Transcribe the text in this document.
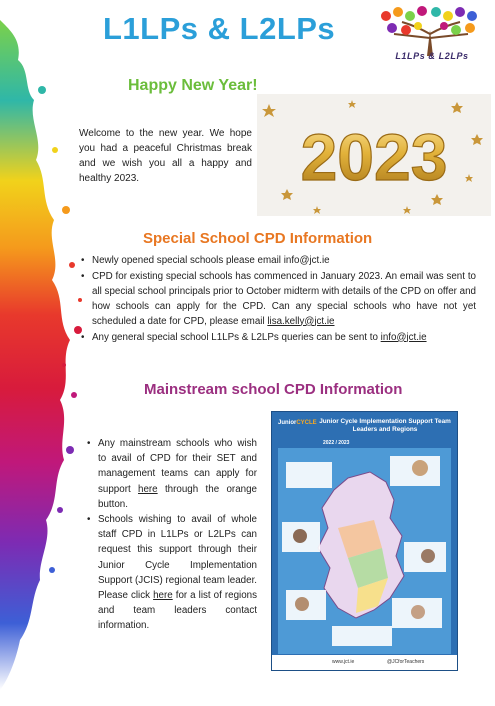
L1LPs & L2LPs
L1LPs & L2LPs
Happy New Year!
Welcome to the new year. We hope you had a peaceful Christmas break and we wish you all a happy and healthy 2023.	2023
Special School CPD Information
• Newly opened special schools please email info@jct.ie
• CPD for existing special schools has commenced in January 2023. An email was sent to all special school principals prior to October midterm with details of the CPD on offer and how schools can apply for the CPD. Can any special schools who have not yet scheduled a date for CPD, please email lisa.kelly@jct.ie
• Any general special school L1LPs & L2LPs queries can be sent to info@jct.ie
Mainstream school CPD Information
• Any mainstream schools who wish to avail of CPD for their SET and management teams can apply for support here through the orange button.
• Schools wishing to avail of whole staff CPD in L1LPs or L2LPs can request this support through their Junior Cycle Implementation Support (JCIS) regional team leader. Please click here for a list of regions and team leaders contact information.
JuniorCYCLE Junior Cycle Implementation Support Team Leaders and Regions
2022 / 2023
www.jct.ie	@JCforTeachers
